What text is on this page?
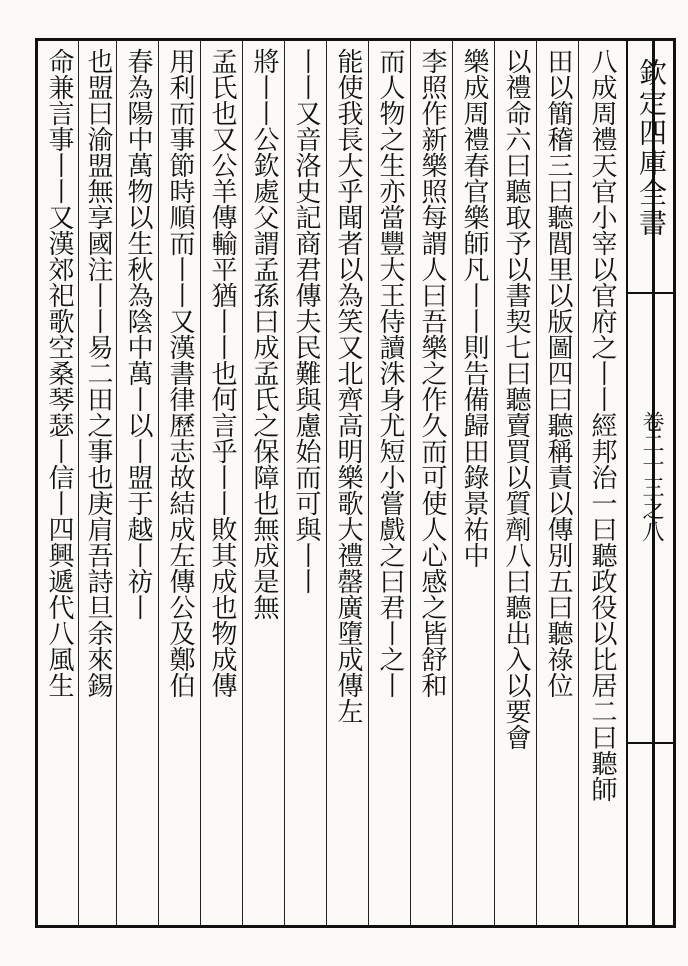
欽定四庫全書
卷二十三之八
八成周禮天官小宰以官府之丨丨經邦治一曰聽政役以比居二曰聽師
田以簡稽三曰聽閭里以版圖四曰聽稱責以傳別五曰聽祿位
以禮命六曰聽取予以書契七曰聽賣買以質劑八曰聽出入以要會
樂成周禮春官樂師凡丨丨則告備歸田錄景祐中
李照作新樂照每謂人曰吾樂之作久而可使人心感之皆舒和
而人物之生亦當豐大王侍讀洙身尤短小嘗戲之曰君丨之丨
能使我長大乎聞者以為笑又北齊高明樂歌大禮罄廣墮成傳左
丨丨又音洛史記商君傳夫民難與慮始而可與丨丨
將丨丨公欽處父謂孟孫曰成孟氏之保障也無成是無
孟氏也又公羊傳輸平猶丨丨也何言乎丨丨敗其成也物成傳
用利而事節時順而丨丨又漢書律歷志故結成左傳公及鄭伯
春為陽中萬物以生秋為陰中萬丨以丨盟于越丨祊丨
也盟曰渝盟無享國注丨丨易二田之事也庚肩吾詩旦余來錫
命兼言事丨丨又漢郊祀歌空桑琴瑟丨信丨四興遞代八風生
